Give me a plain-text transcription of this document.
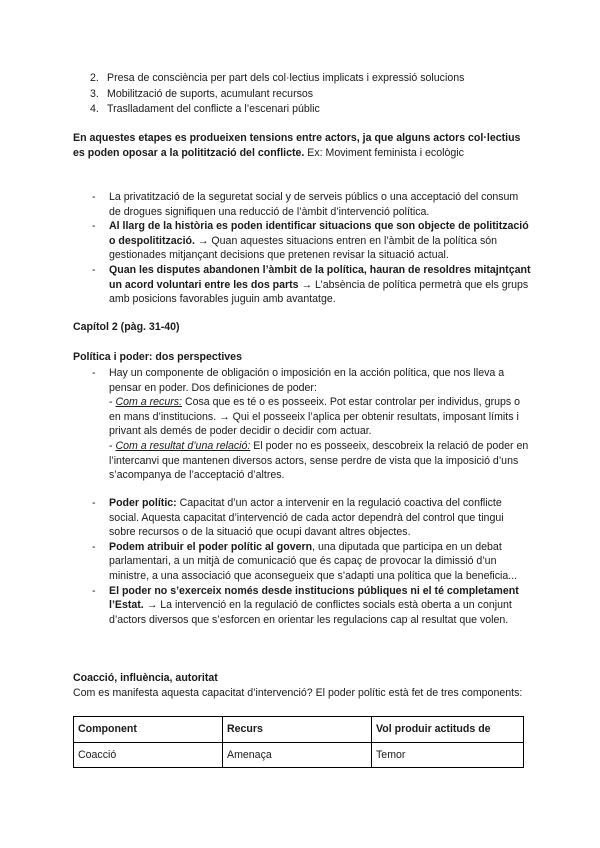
2. Presa de consciència per part dels col·lectius implicats i expressió solucions
3. Mobilització de suports, acumulant recursos
4. Traslladament del conflicte a l’escenari públic

En aquestes etapes es produeixen tensions entre actors, ja que alguns actors col·lectius es poden oposar a la politització del conflicte. Ex: Moviment feminista i ecològic

- La privatització de la seguretat social y de serveis públics o una acceptació del consum de drogues signifiquen una reducció de l’àmbit d’intervenció política.
- Al llarg de la història es poden identificar situacions que son objecte de politització o despolitització. → Quan aquestes situacions entren en l’àmbit de la política són gestionades mitjançant decisions que pretenen revisar la situació actual.
- Quan les disputes abandonen l’àmbit de la política, hauran de resoldres mitajntçant un acord voluntari entre les dos parts → L’absència de política permetrà que els grups amb posicions favorables juguin amb avantatge.
Capítol 2 (pàg. 31-40)
Política i poder: dos perspectives
- Hay un componente de obligación o imposición en la acción política, que nos lleva a pensar en poder. Dos definiciones de poder:
- Com a recurs: Cosa que es té o es posseeix. Pot estar controlar per individus, grups o en mans d’institucions. → Qui el posseeix l’aplica per obtenir resultats, imposant límits i privant als demés de poder decidir o decidir com actuar.
- Com a resultat d’una relació: El poder no es posseeix, descobreix la relació de poder en l’intercanvi que mantenen diversos actors, sense perdre de vista que la imposició d’uns s’acompanya de l’acceptació d’altres.
- Poder polític: Capacitat d’un actor a intervenir en la regulació coactiva del conflicte social. Aquesta capacitat d’intervenció de cada actor dependrà del control que tingui sobre recursos o de la situació que ocupi davant altres objectes.
- Podem atribuir el poder polític al govern, una diputada que participa en un debat parlamentari, a un mitjà de comunicació que és capaç de provocar la dimissió d’un ministre, a una associació que aconsegueix que s’adapti una política que la beneficia...
- El poder no s’exerceix només desde institucions públiques ni el té completament l’Estat. → La intervenció en la regulació de conflictes socials està oberta a un conjunt d’actors diversos que s’esforcen en orientar les regulacions cap al resultat que volen.
Coacció, influència, autoritat

Com es manifesta aquesta capacitat d’intervenció? El poder polític està fet de tres components:

Component	Recurs	Vol produir actituds de
Coacció	Amenaça	Temor
